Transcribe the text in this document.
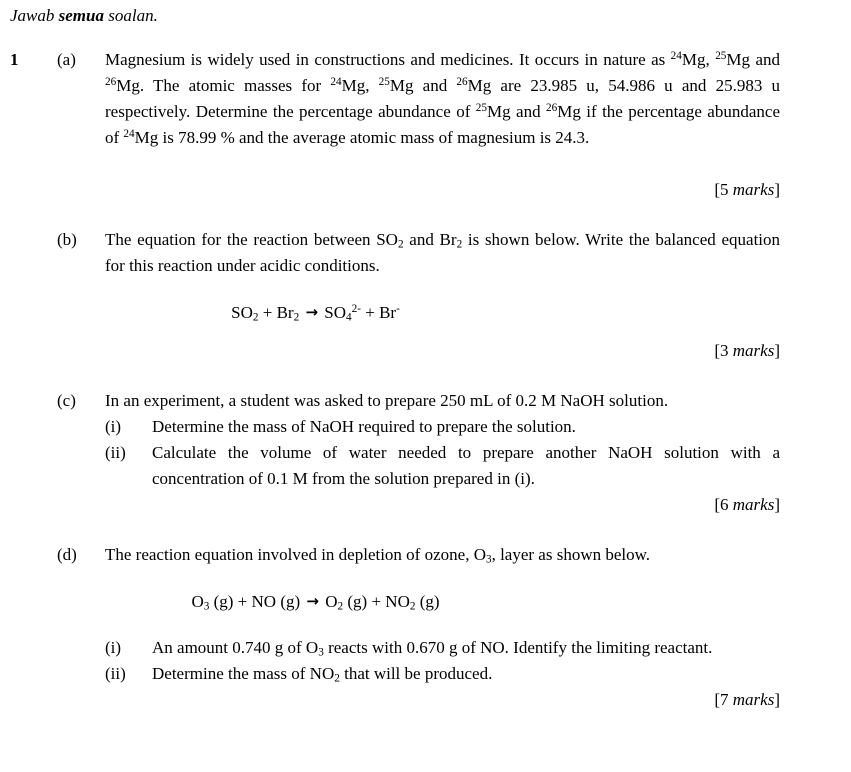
Jawab semua soalan.
1 (a)	Magnesium is widely used in constructions and medicines. It occurs in nature as $^{24}$Mg, $^{25}$Mg and $^{26}$Mg. The atomic masses for $^{24}$Mg, $^{25}$Mg and $^{26}$Mg are 23.985 u, 54.986 u and 25.983 u respectively. Determine the percentage abundance of $^{25}$Mg and $^{26}$Mg if the percentage abundance of $^{24}$Mg is 78.99 % and the average atomic mass of magnesium is 24.3.
[5 marks]
(b)	The equation for the reaction between $SO_2$ and $Br_2$ is shown below. Write the balanced equation for this reaction under acidic conditions.
$SO_2 + Br_2 \to SO_4^{2-} + Br^-$
[3 marks]
(c)	In an experiment, a student was asked to prepare 250 mL of 0.2 M NaOH solution.
(i)	Determine the mass of NaOH required to prepare the solution.
(ii)	Calculate the volume of water needed to prepare another NaOH solution with a concentration of 0.1 M from the solution prepared in (i).
[6 marks]
(d)	The reaction equation involved in depletion of ozone, $O_3$, layer as shown below.
$O_3$ (g) + NO $(g) \to O_2$ $(g) + NO_2$ (g)
(i)	An amount 0.740 g of $O_3$ reacts with 0.670 g of NO. Identify the limiting reactant.
(ii)	Determine the mass of $NO_2$ that will be produced.
[7 marks]
